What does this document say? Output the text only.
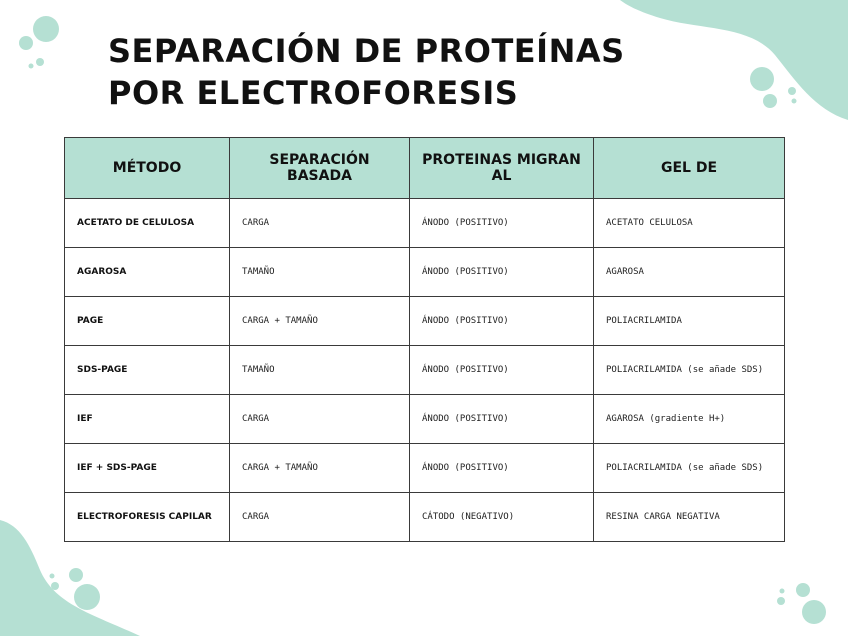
SEPARACIÓN DE PROTEÍNAS POR ELECTROFORESIS
MÉTODO	SEPARACIÓN BASADA	PROTEINAS MIGRAN AL	GEL DE
ACETATO DE CELULOSA	CARGA	ÁNODO (POSITIVO)	ACETATO CELULOSA
AGAROSA	TAMAÑO	ÁNODO (POSITIVO)	AGAROSA
PAGE	CARGA + TAMAÑO	ÁNODO (POSITIVO)	POLIACRILAMIDA
SDS-PAGE	TAMAÑO	ÁNODO (POSITIVO)	POLIACRILAMIDA (se añade SDS)
IEF	CARGA	ÁNODO (POSITIVO)	AGAROSA (gradiente H+)
IEF + SDS-PAGE	CARGA + TAMAÑO	ÁNODO (POSITIVO)	POLIACRILAMIDA (se añade SDS)
ELECTROFORESIS CAPILAR	CARGA	CÁTODO (NEGATIVO)	RESINA CARGA NEGATIVA
